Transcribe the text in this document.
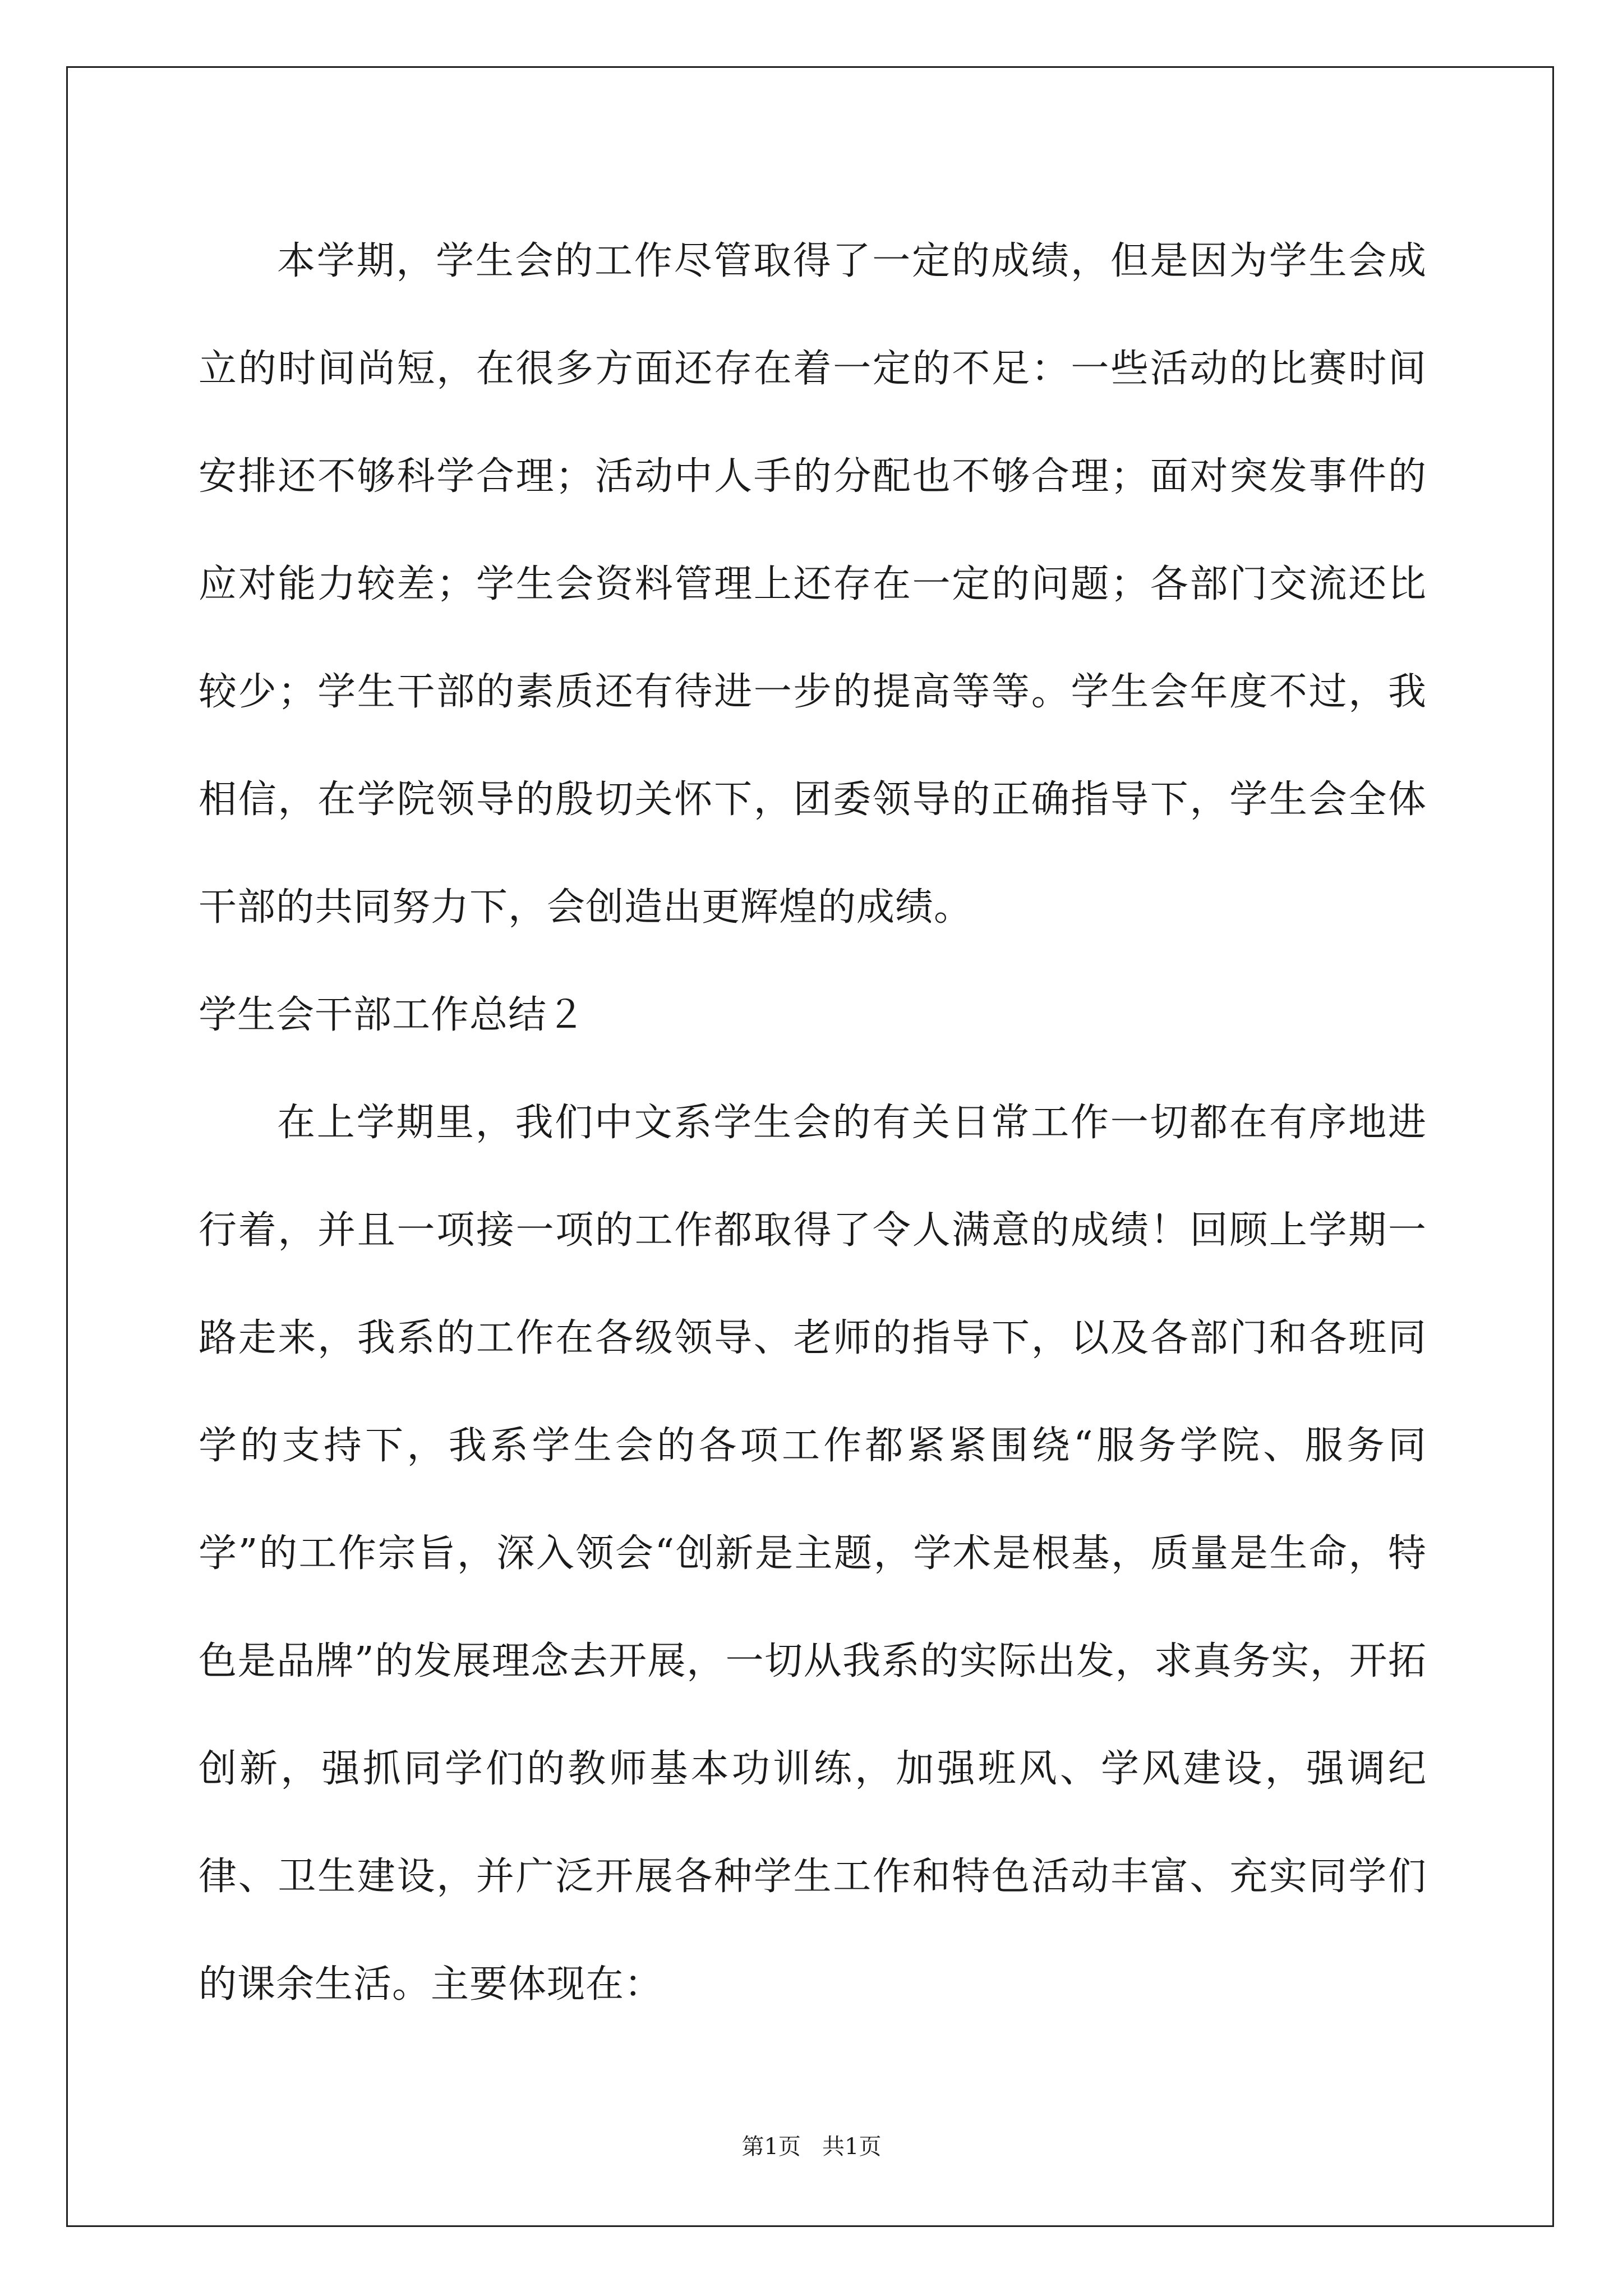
本学期，学生会的工作尽管取得了一定的成绩，但是因为学生会成立的时间尚短，在很多方面还存在着一定的不足：一些活动的比赛时间安排还不够科学合理；活动中人手的分配也不够合理；面对突发事件的应对能力较差；学生会资料管理上还存在一定的问题；各部门交流还比较少；学生干部的素质还有待进一步的提高等等。学生会年度不过，我相信，在学院领导的殷切关怀下，团委领导的正确指导下，学生会全体干部的共同努力下，会创造出更辉煌的成绩。

学生会干部工作总结２

在上学期里，我们中文系学生会的有关日常工作一切都在有序地进行着，并且一项接一项的工作都取得了令人满意的成绩！回顾上学期一路走来，我系的工作在各级领导、老师的指导下，以及各部门和各班同学的支持下，我系学生会的各项工作都紧紧围绕“服务学院、服务同学”的工作宗旨，深入领会“创新是主题，学术是根基，质量是生命，特色是品牌”的发展理念去开展，一切从我系的实际出发，求真务实，开拓创新，强抓同学们的教师基本功训练，加强班风、学风建设，强调纪律、卫生建设，并广泛开展各种学生工作和特色活动丰富、充实同学们的课余生活。主要体现在：

第1页   共1页
